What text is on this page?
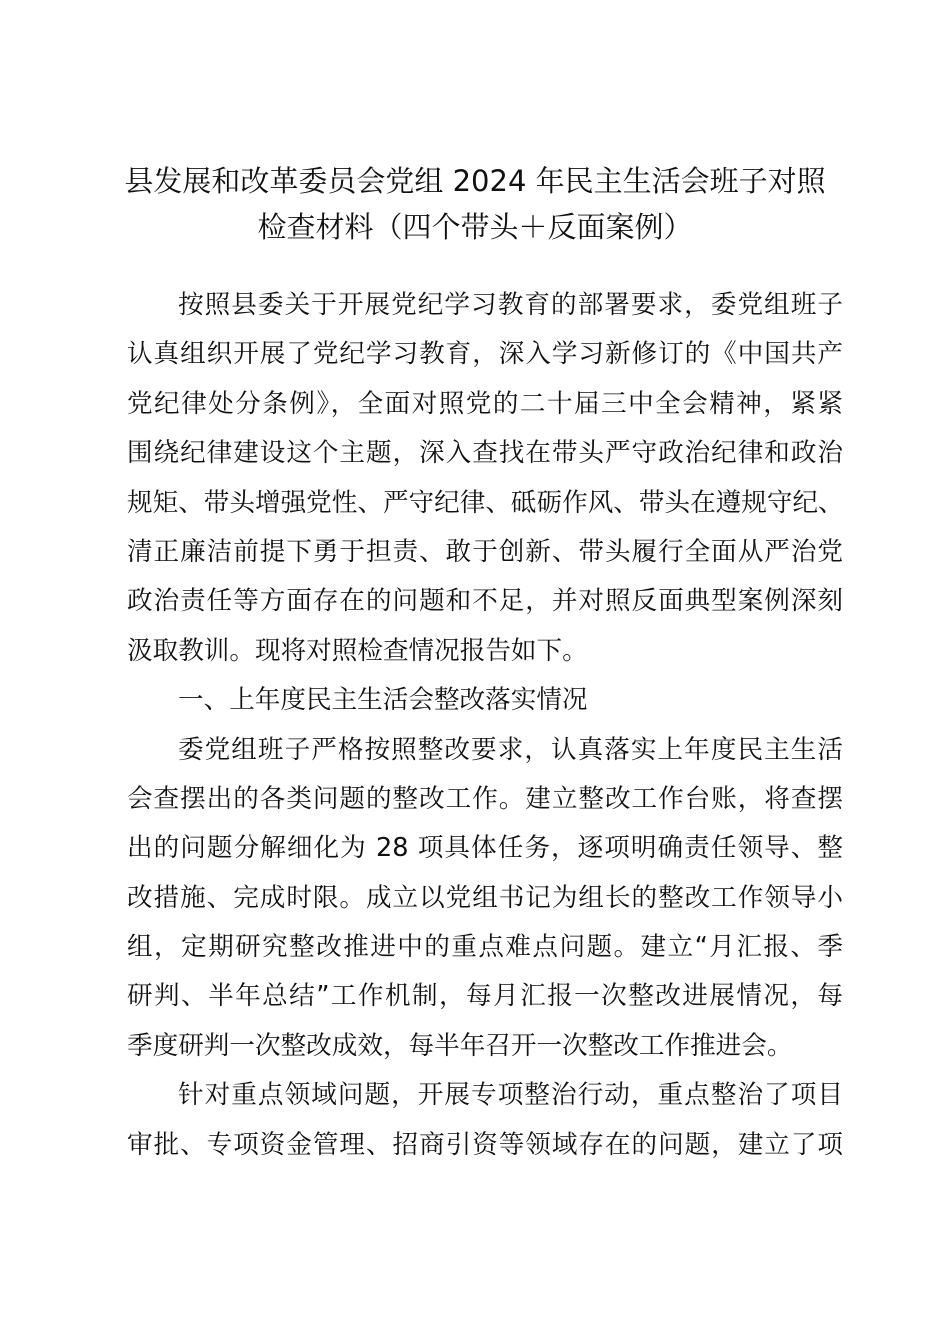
县发展和改革委员会党组 2024 年民主生活会班子对照
检查材料（四个带头＋反面案例）
按照县委关于开展党纪学习教育的部署要求，委党组班子
认真组织开展了党纪学习教育，深入学习新修订的《中国共产
党纪律处分条例》，全面对照党的二十届三中全会精神，紧紧
围绕纪律建设这个主题，深入查找在带头严守政治纪律和政治
规矩、带头增强党性、严守纪律、砥砺作风、带头在遵规守纪、
清正廉洁前提下勇于担责、敢于创新、带头履行全面从严治党
政治责任等方面存在的问题和不足，并对照反面典型案例深刻
汲取教训。现将对照检查情况报告如下。
一、上年度民主生活会整改落实情况
委党组班子严格按照整改要求，认真落实上年度民主生活
会查摆出的各类问题的整改工作。建立整改工作台账，将查摆
出的问题分解细化为 28 项具体任务，逐项明确责任领导、整
改措施、完成时限。成立以党组书记为组长的整改工作领导小
组，定期研究整改推进中的重点难点问题。建立“月汇报、季
研判、半年总结”工作机制，每月汇报一次整改进展情况，每
季度研判一次整改成效，每半年召开一次整改工作推进会。
针对重点领域问题，开展专项整治行动，重点整治了项目
审批、专项资金管理、招商引资等领域存在的问题，建立了项
